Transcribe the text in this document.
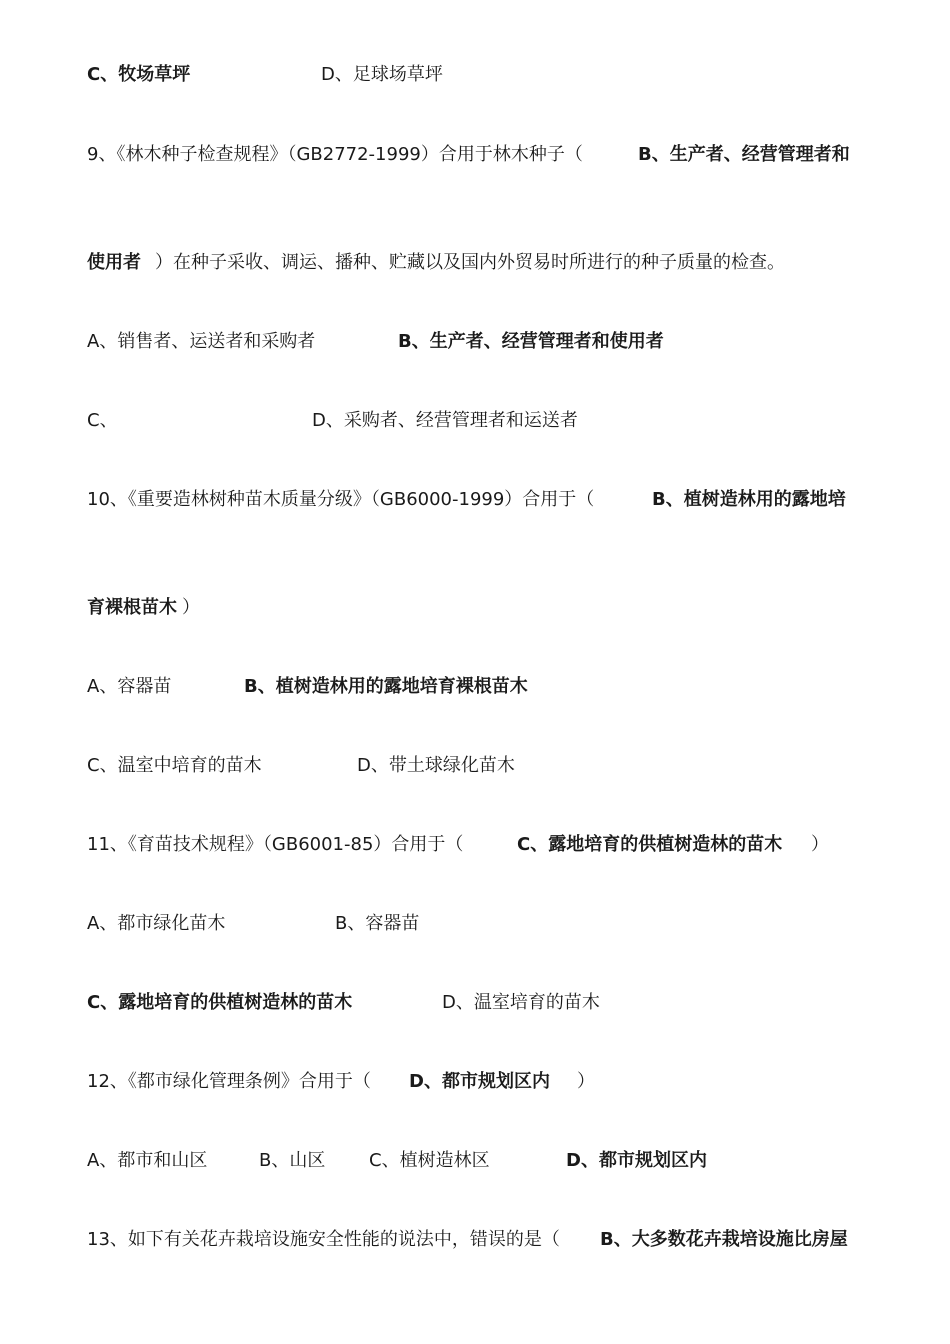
C、牧场草坪	D、足球场草坪
9、《林木种子检查规程》（GB2772-1999）合用于林木种子（	B、生产者、经营管理者和
使用者 ）在种子采收、调运、播种、贮藏以及国内外贸易时所进行的种子质量的检查。
A、销售者、运送者和采购者	B、生产者、经营管理者和使用者
C、	D、采购者、经营管理者和运送者
10、《重要造林树种苗木质量分级》（GB6000-1999）合用于（	B、植树造林用的露地培
育裸根苗木 ）
A、容器苗	B、植树造林用的露地培育裸根苗木
C、温室中培育的苗木	D、带土球绿化苗木
11、《育苗技术规程》（GB6001-85）合用于（	C、露地培育的供植树造林的苗木 ）
A、都市绿化苗木	B、容器苗
C、露地培育的供植树造林的苗木	D、温室培育的苗木
12、《都市绿化管理条例》合用于（ D、都市规划区内 ）
A、都市和山区	B、山区 C、植树造林区	D、都市规划区内
13、如下有关花卉栽培设施安全性能的说法中，错误的是（ B、大多数花卉栽培设施比房屋
